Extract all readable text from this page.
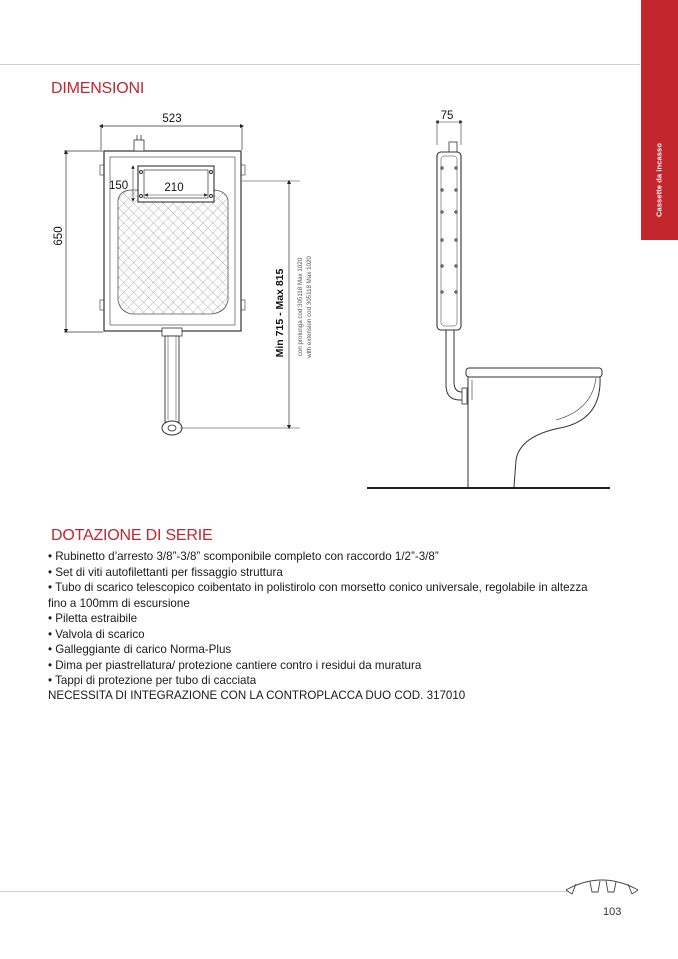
Cassette da incasso
DIMENSIONI
523
650
150	210
Min 715 - Max 815 con prolunga cod 305118 Max 1020 with extension cod 305118 Max 1020
75
DOTAZIONE DI SERIE
• Rubinetto d’arresto 3/8”-3/8” scomponibile completo con raccordo 1/2”-3/8”
• Set di viti autofilettanti per fissaggio struttura
• Tubo di scarico telescopico coibentato in polistirolo con morsetto conico universale, regolabile in altezza
fino a 100mm di escursione
• Piletta estraibile
• Valvola di scarico
• Galleggiante di carico Norma-Plus
• Dima per piastrellatura/ protezione cantiere contro i residui da muratura
• Tappi di protezione per tubo di cacciata
NECESSITA DI INTEGRAZIONE CON LA CONTROPLACCA DUO COD. 317010
103
